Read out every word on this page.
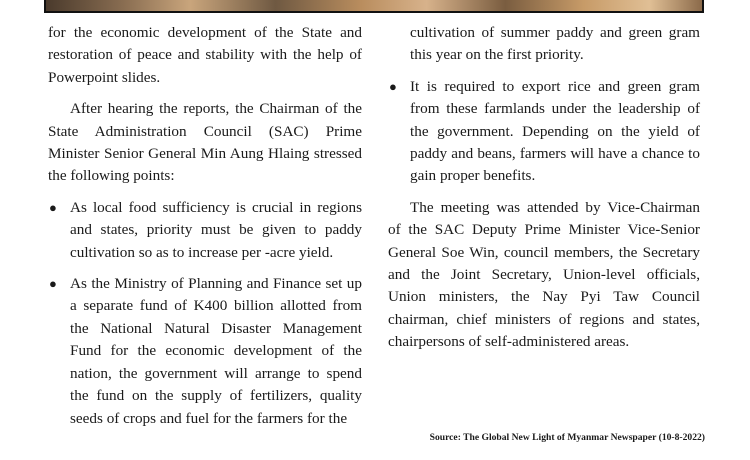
for the economic development of the State and restoration of peace and stability with the help of Powerpoint slides.

After hearing the reports, the Chairman of the State Administration Council (SAC) Prime Minister Senior General Min Aung Hlaing stressed the following points:

● As local food sufficiency is crucial in regions and states, priority must be given to paddy cultivation so as to increase per -acre yield.
● As the Ministry of Planning and Finance set up a separate fund of K400 billion allotted from the National Natural Disaster Management Fund for the economic development of the nation, the government will arrange to spend the fund on the supply of fertilizers, quality seeds of crops and fuel for the farmers for the
cultivation of summer paddy and green gram this year on the first priority.
● It is required to export rice and green gram from these farmlands under the leadership of the government. Depending on the yield of paddy and beans, farmers will have a chance to gain proper benefits.

The meeting was attended by Vice-Chairman of the SAC Deputy Prime Minister Vice-Senior General Soe Win, council members, the Secretary and the Joint Secretary, Union-level officials, Union ministers, the Nay Pyi Taw Council chairman, chief ministers of regions and states, chairpersons of self-administered areas.

Source: The Global New Light of Myanmar Newspaper (10-8-2022)
